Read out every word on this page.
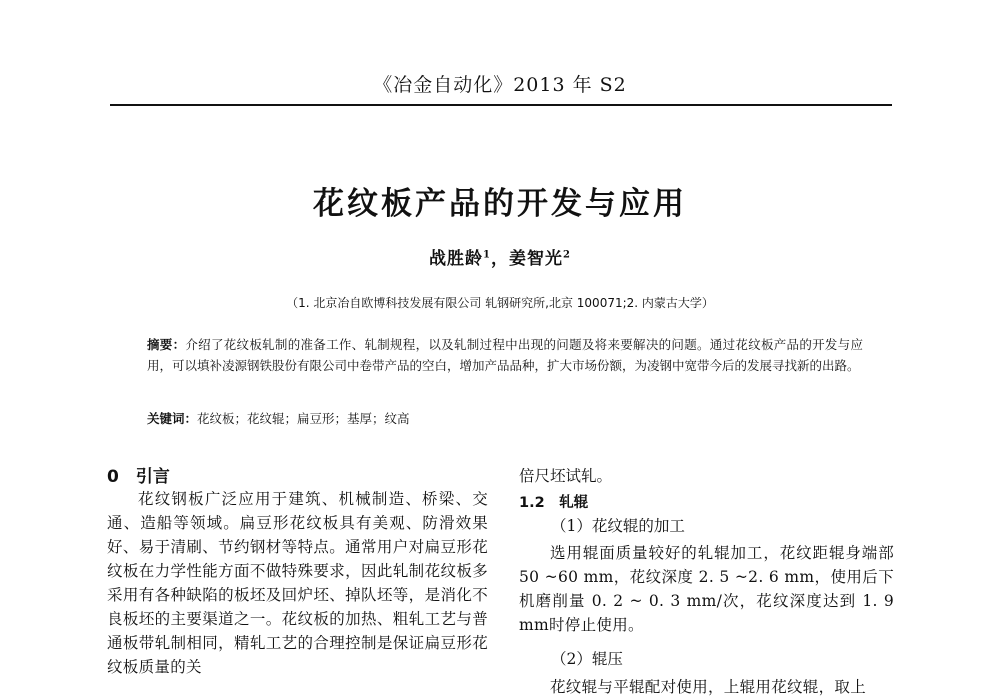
《冶金自动化》2013 年 S2
花纹板产品的开发与应用
战胜龄$^1$，姜智光$^2$
（1. 北京冶自欧博科技发展有限公司 轧钢研究所,北京 100071;2. 内蒙古大学）
摘要：介绍了花纹板轧制的准备工作、轧制规程，以及轧制过程中出现的问题及将来要解决的问题。通过花纹板产品的开发与应用，可以填补凌源钢铁股份有限公司中卷带产品的空白，增加产品品种，扩大市场份额，为凌钢中宽带今后的发展寻找新的出路。
关键词：花纹板；花纹辊；扁豆形；基厚；纹高
0　引言
花纹钢板广泛应用于建筑、机械制造、桥梁、交通、造船等领域。扁豆形花纹板具有美观、防滑效果好、易于清刷、节约钢材等特点。通常用户对扁豆形花纹板在力学性能方面不做特殊要求，因此轧制花纹板多采用有各种缺陷的板坯及回炉坯、掉队坯等，是消化不良板坯的主要渠道之一。花纹板的加热、粗轧工艺与普通板带轧制相同，精轧工艺的合理控制是保证扁豆形花纹板质量的关
倍尺坯试轧。
1.2　轧辊
（1）花纹辊的加工
选用辊面质量较好的轧辊加工，花纹距辊身端部 50 ~60 mm，花纹深度 2. 5 ~2. 6 mm，使用后下机磨削量 0. 2 ~ 0. 3 mm/次，花纹深度达到 1. 9 mm时停止使用。
（2）辊压
花纹辊与平辊配对使用，上辊用花纹辊，取上
